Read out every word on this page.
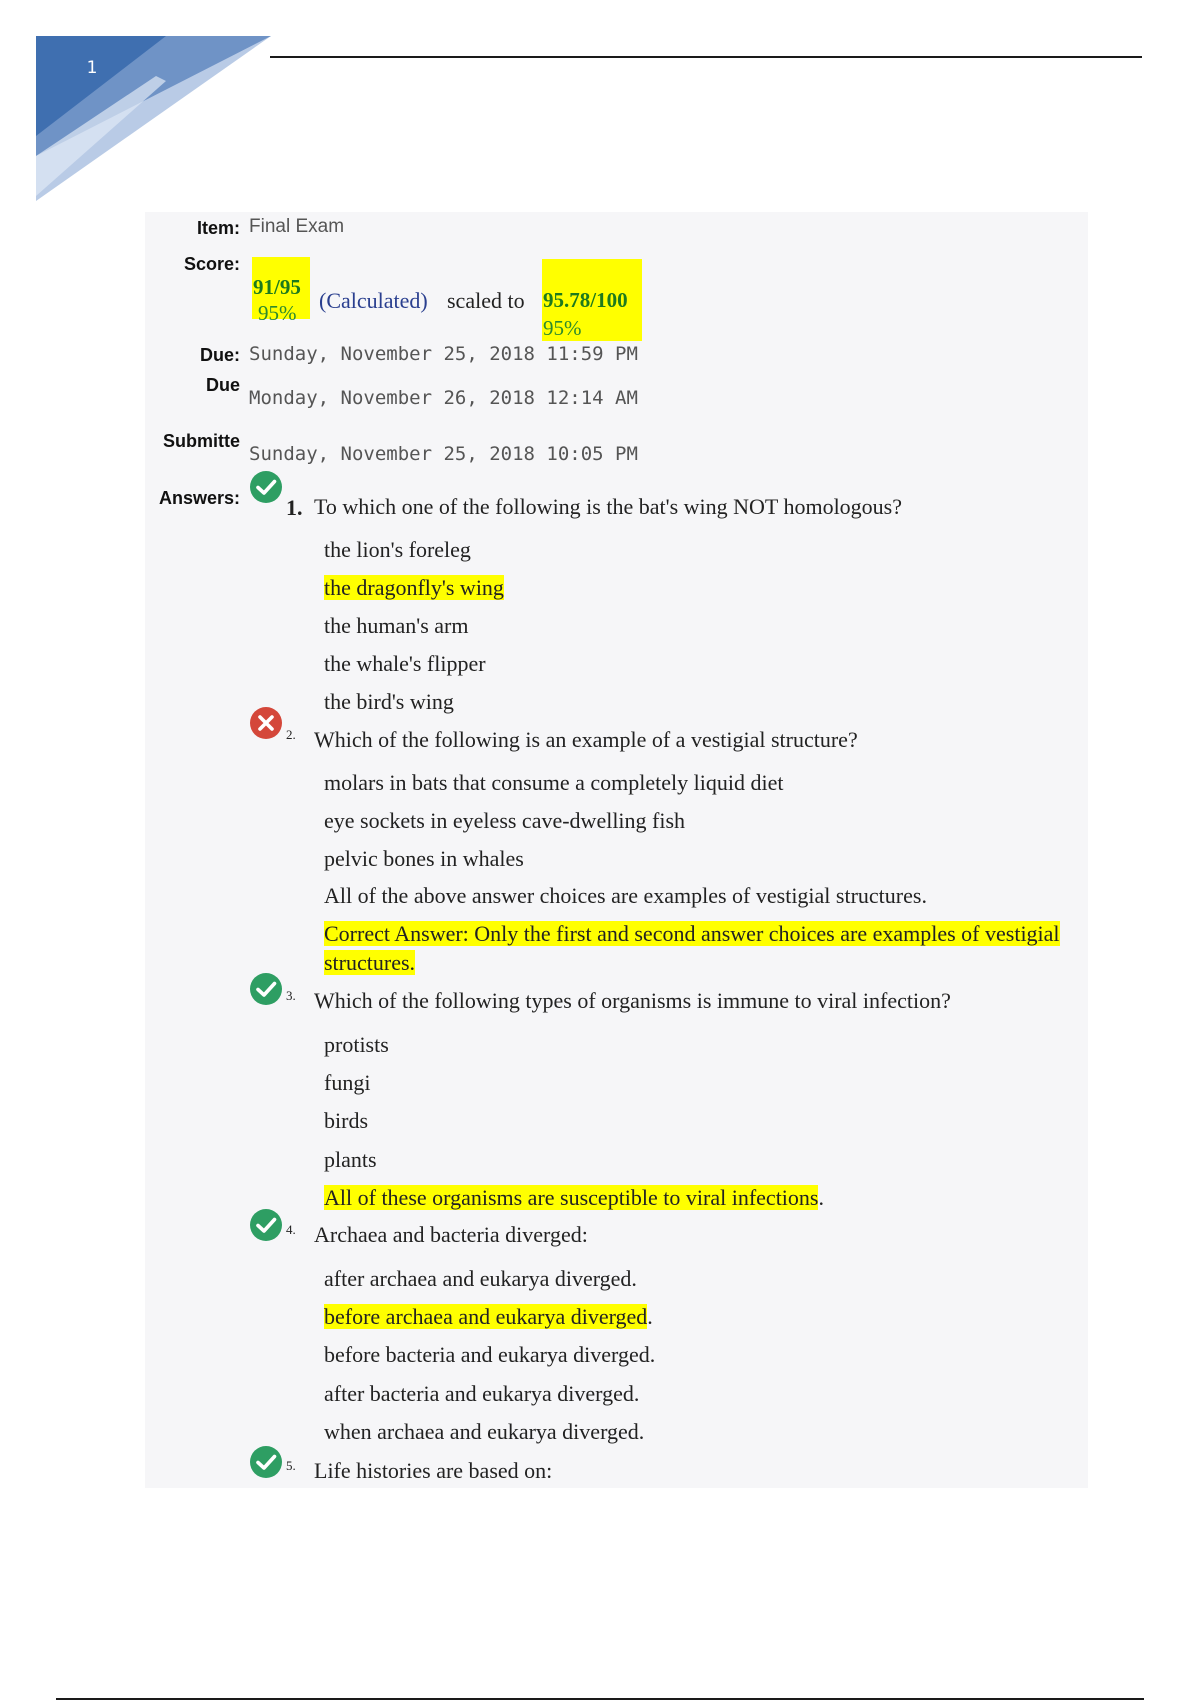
1
Item: Final Exam
Score:
91/95
95% (Calculated) scaled to 95.78/100
95%
Due: Sunday, November 25, 2018 11:59 PM
Due
Monday, November 26, 2018 12:14 AM
Submitte
Sunday, November 25, 2018 10:05 PM
Answers: 1. To which one of the following is the bat's wing NOT homologous?
the lion's foreleg
the dragonfly's wing
the human's arm
the whale's flipper
the bird's wing
2. Which of the following is an example of a vestigial structure?
molars in bats that consume a completely liquid diet
eye sockets in eyeless cave-dwelling fish
pelvic bones in whales
All of the above answer choices are examples of vestigial structures.
Correct Answer: Only the first and second answer choices are examples of vestigial structures.
3. Which of the following types of organisms is immune to viral infection?
protists
fungi
birds
plants
All of these organisms are susceptible to viral infections.
4. Archaea and bacteria diverged:
after archaea and eukarya diverged.
before archaea and eukarya diverged.
before bacteria and eukarya diverged.
after bacteria and eukarya diverged.
when archaea and eukarya diverged.
5. Life histories are based on:
